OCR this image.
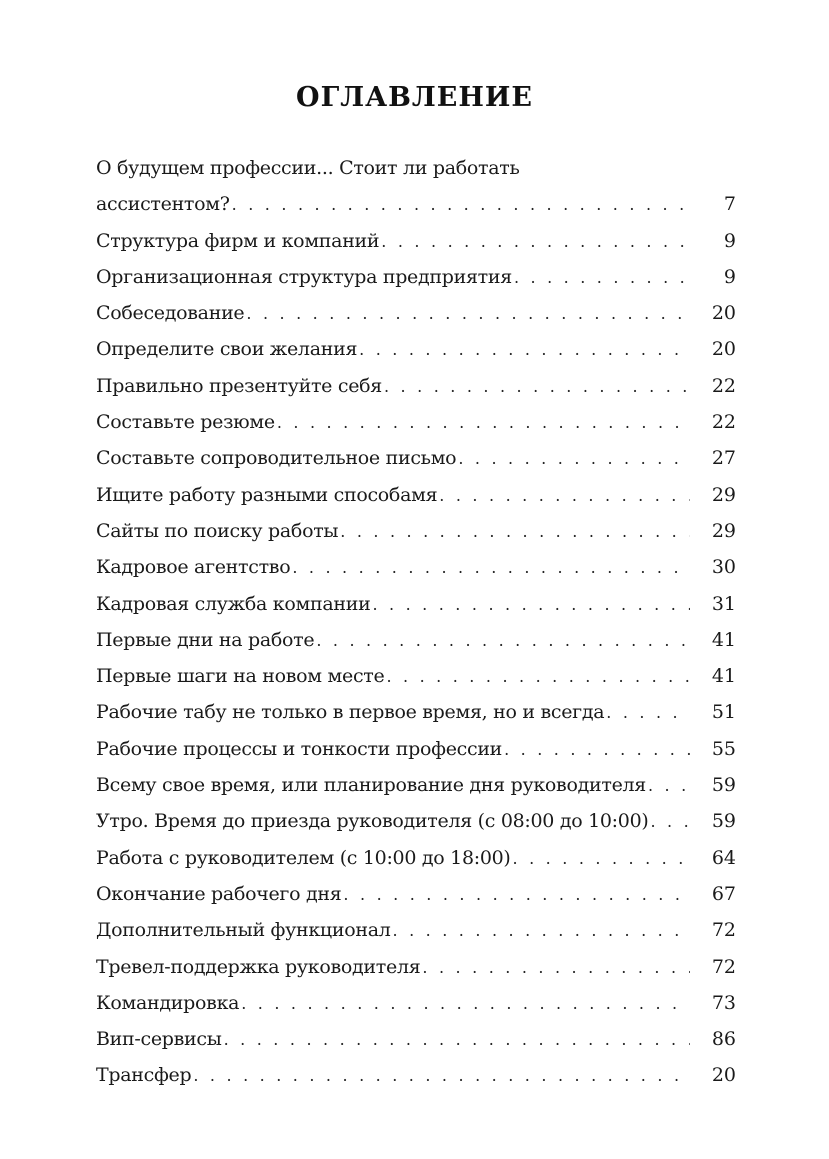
ОГЛАВЛЕНИЕ
О будущем профессии... Стоит ли работать
ассистентом? . . .	7
Структура фирм и компаний . . .	9
Организационная структура предприятия . . .	9
Собеседование . . .	20
Определите свои желания . . .	20
Правильно презентуйте себя . . .	22
Составьте резюме . . .	22
Составьте сопроводительное письмо . . .	27
Ищите работу разными способамя . . .	29
Сайты по поиску работы . . .	29
Кадровое агентство . . .	30
Кадровая служба компании . . .	31
Первые дни на работе . . .	41
Первые шаги на новом месте . . .	41
Рабочие табу не только в первое время, но и всегда . . .	51
Рабочие процессы и тонкости профессии . . .	55
Всему свое время, или планирование дня руководителя . . .	59
Утро. Время до приезда руководителя (с 08:00 до 10:00) . . .	59
Работа с руководителем (с 10:00 до 18:00) . . .	64
Окончание рабочего дня . . .	67
Дополнительный функционал . . .	72
Тревел-поддержка руководителя . . .	72
Командировка . . .	73
Вип-сервисы . . .	86
Трансфер . . .	20
